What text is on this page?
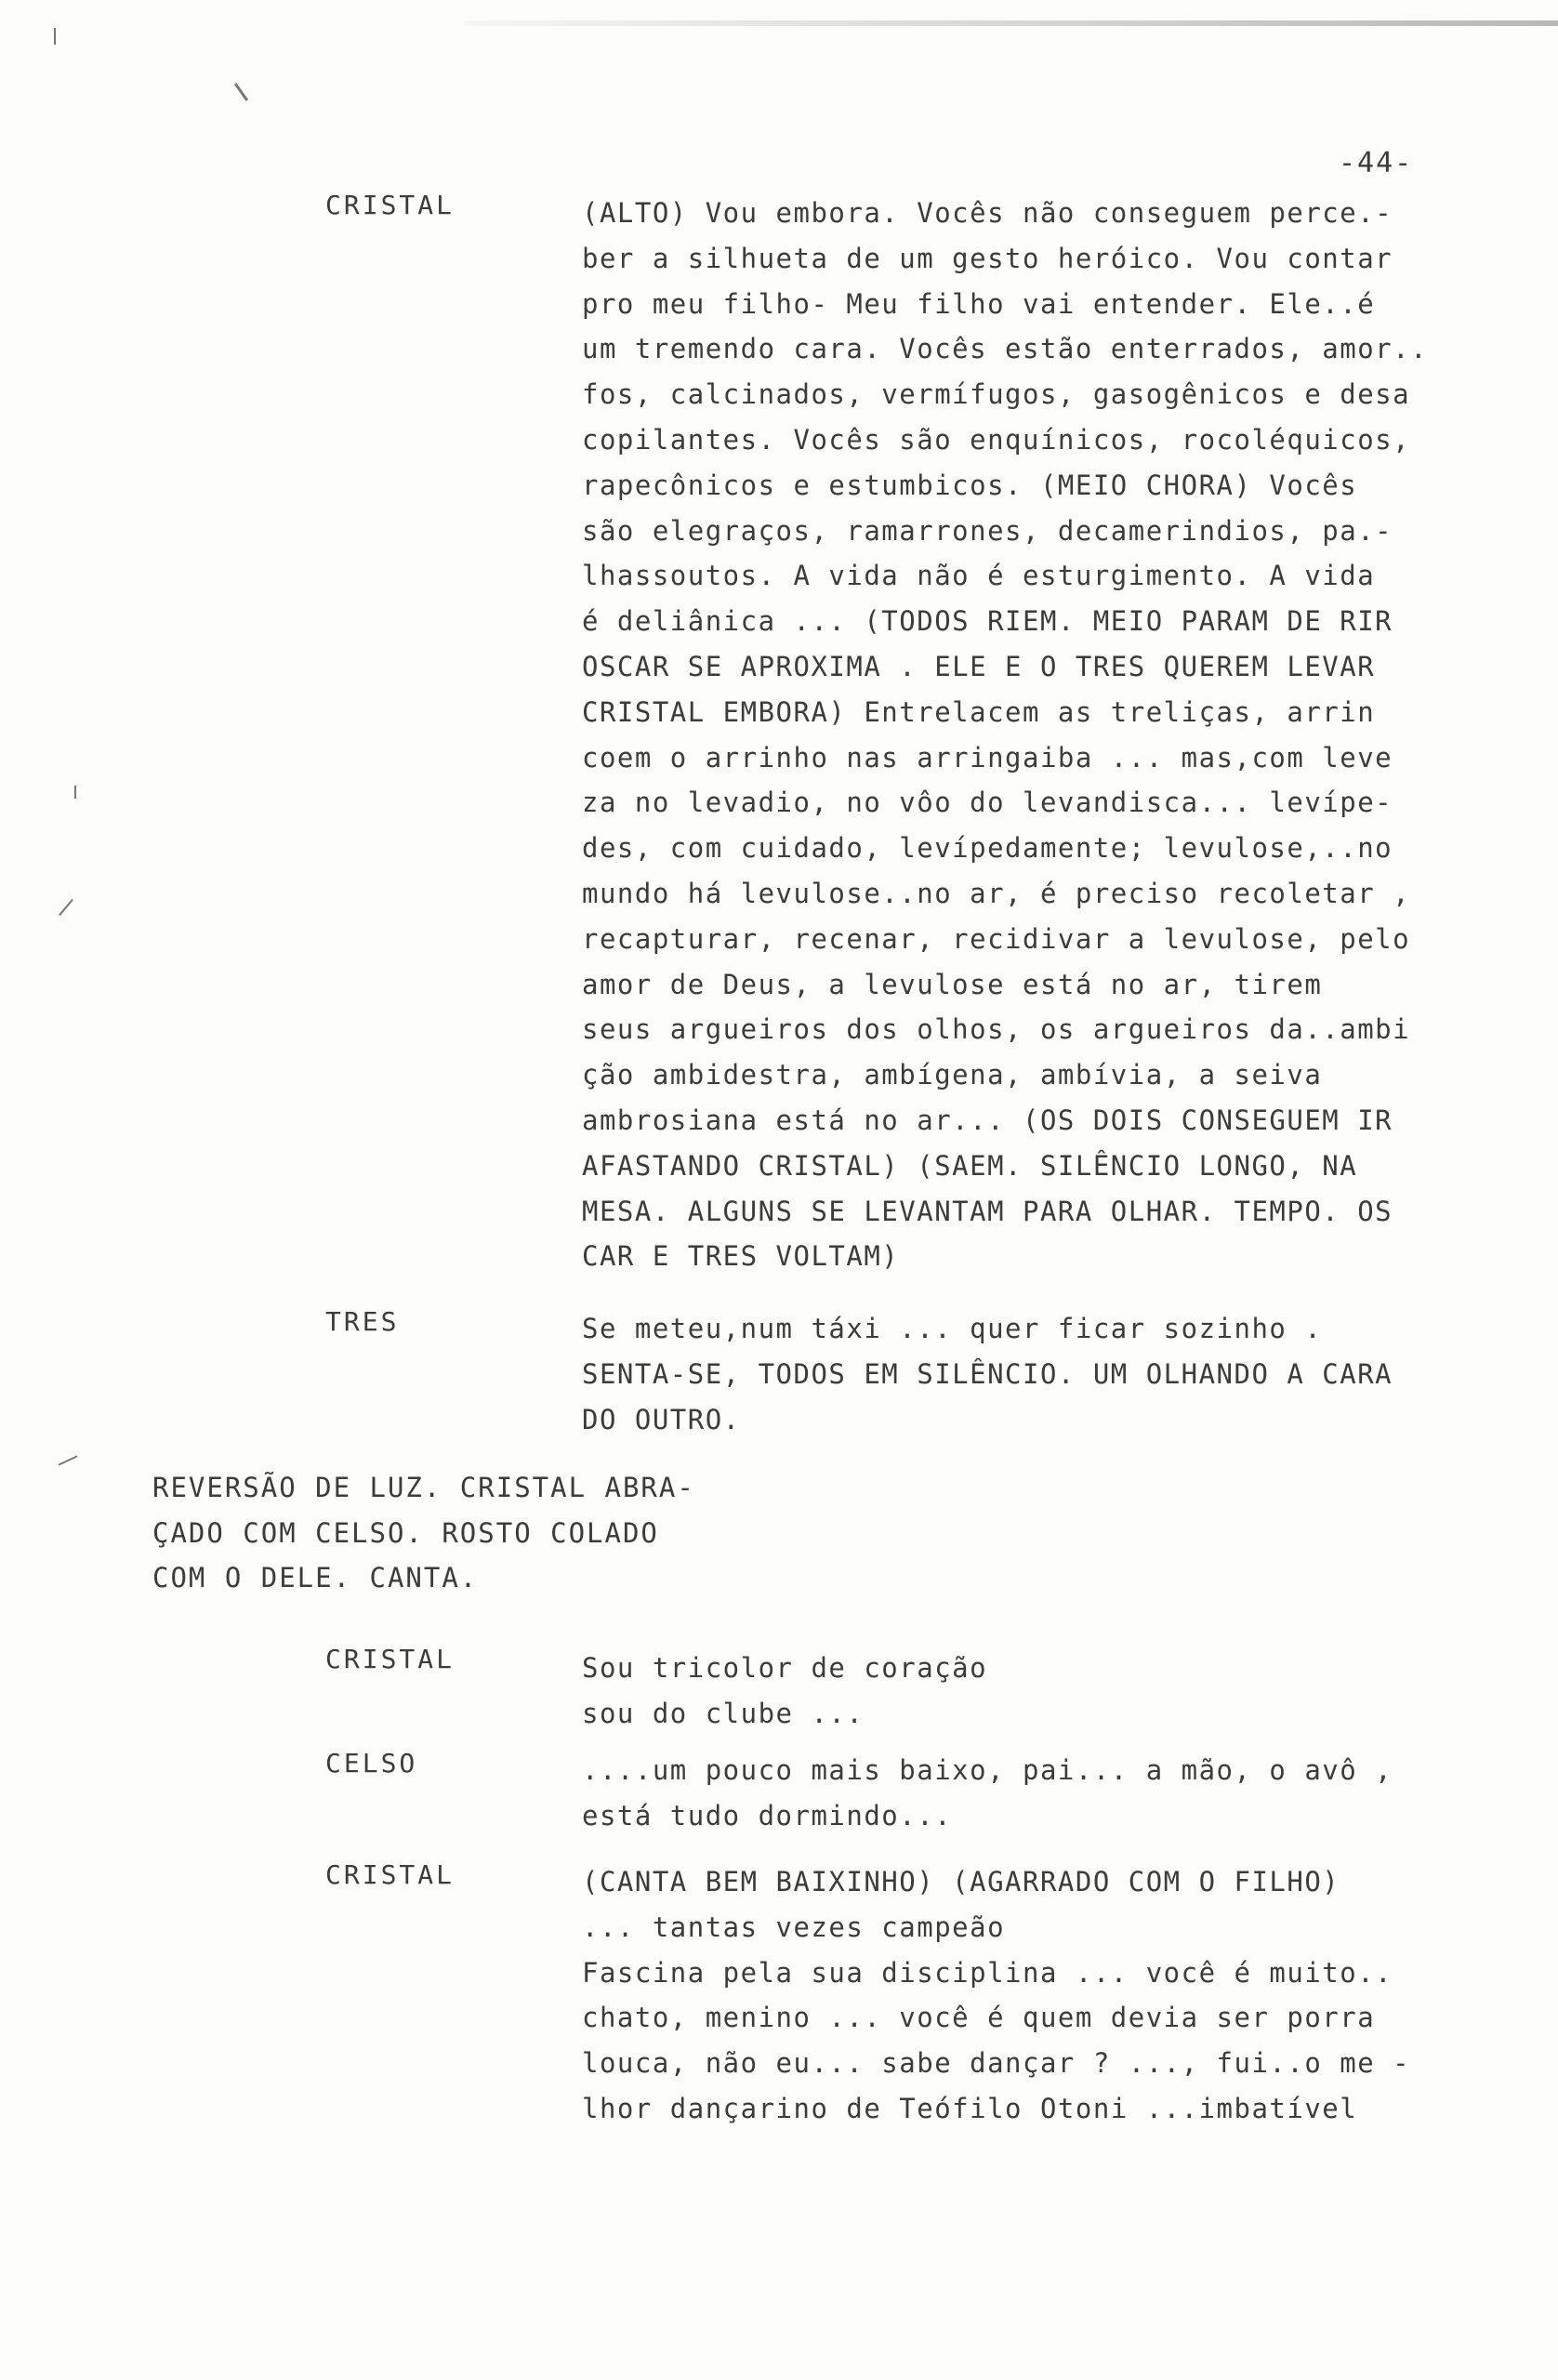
-44-
CRISTAL	(ALTO) Vou embora. Vocês não conseguem perce.-
ber a silhueta de um gesto heróico. Vou contar
pro meu filho- Meu filho vai entender. Ele..é
um tremendo cara. Vocês estão enterrados, amor..
fos, calcinados, vermífugos, gasogênicos e desa
copilantes. Vocês são enquínicos, rocoléquicos,
rapecônicos e estumbicos. (MEIO CHORA) Vocês
são elegraços, ramarrones, decamerindios, pa.-
lhassoutos. A vida não é esturgimento. A vida
é deliânica ... (TODOS RIEM. MEIO PARAM DE RIR
OSCAR SE APROXIMA . ELE E O TRES QUEREM LEVAR
CRISTAL EMBORA) Entrelacem as treliças, arrin
coem o arrinho nas arringaiba ... mas,com leve
za no levadio, no vôo do levandisca... levípe-
des, com cuidado, levípedamente; levulose,..no
mundo há levulose..no ar, é preciso recoletar ,
recapturar, recenar, recidivar a levulose, pelo
amor de Deus, a levulose está no ar, tirem
seus argueiros dos olhos, os argueiros da..ambi
ção ambidestra, ambígena, ambívia, a seiva
ambrosiana está no ar... (OS DOIS CONSEGUEM IR
AFASTANDO CRISTAL) (SAEM. SILÊNCIO LONGO, NA
MESA. ALGUNS SE LEVANTAM PARA OLHAR. TEMPO. OS
CAR E TRES VOLTAM)
TRES	Se meteu,num táxi ... quer ficar sozinho .
SENTA-SE, TODOS EM SILÊNCIO. UM OLHANDO A CARA
DO OUTRO.
REVERSÃO DE LUZ. CRISTAL ABRA-
ÇADO COM CELSO. ROSTO COLADO
COM O DELE. CANTA.
CRISTAL	Sou tricolor de coração
sou do clube ...
CELSO	....um pouco mais baixo, pai... a mão, o avô ,
está tudo dormindo...
CRISTAL	(CANTA BEM BAIXINHO) (AGARRADO COM O FILHO)
... tantas vezes campeão
Fascina pela sua disciplina ... você é muito..
chato, menino ... você é quem devia ser porra
louca, não eu... sabe dançar ? ..., fui..o me -
lhor dançarino de Teófilo Otoni ...imbatível
